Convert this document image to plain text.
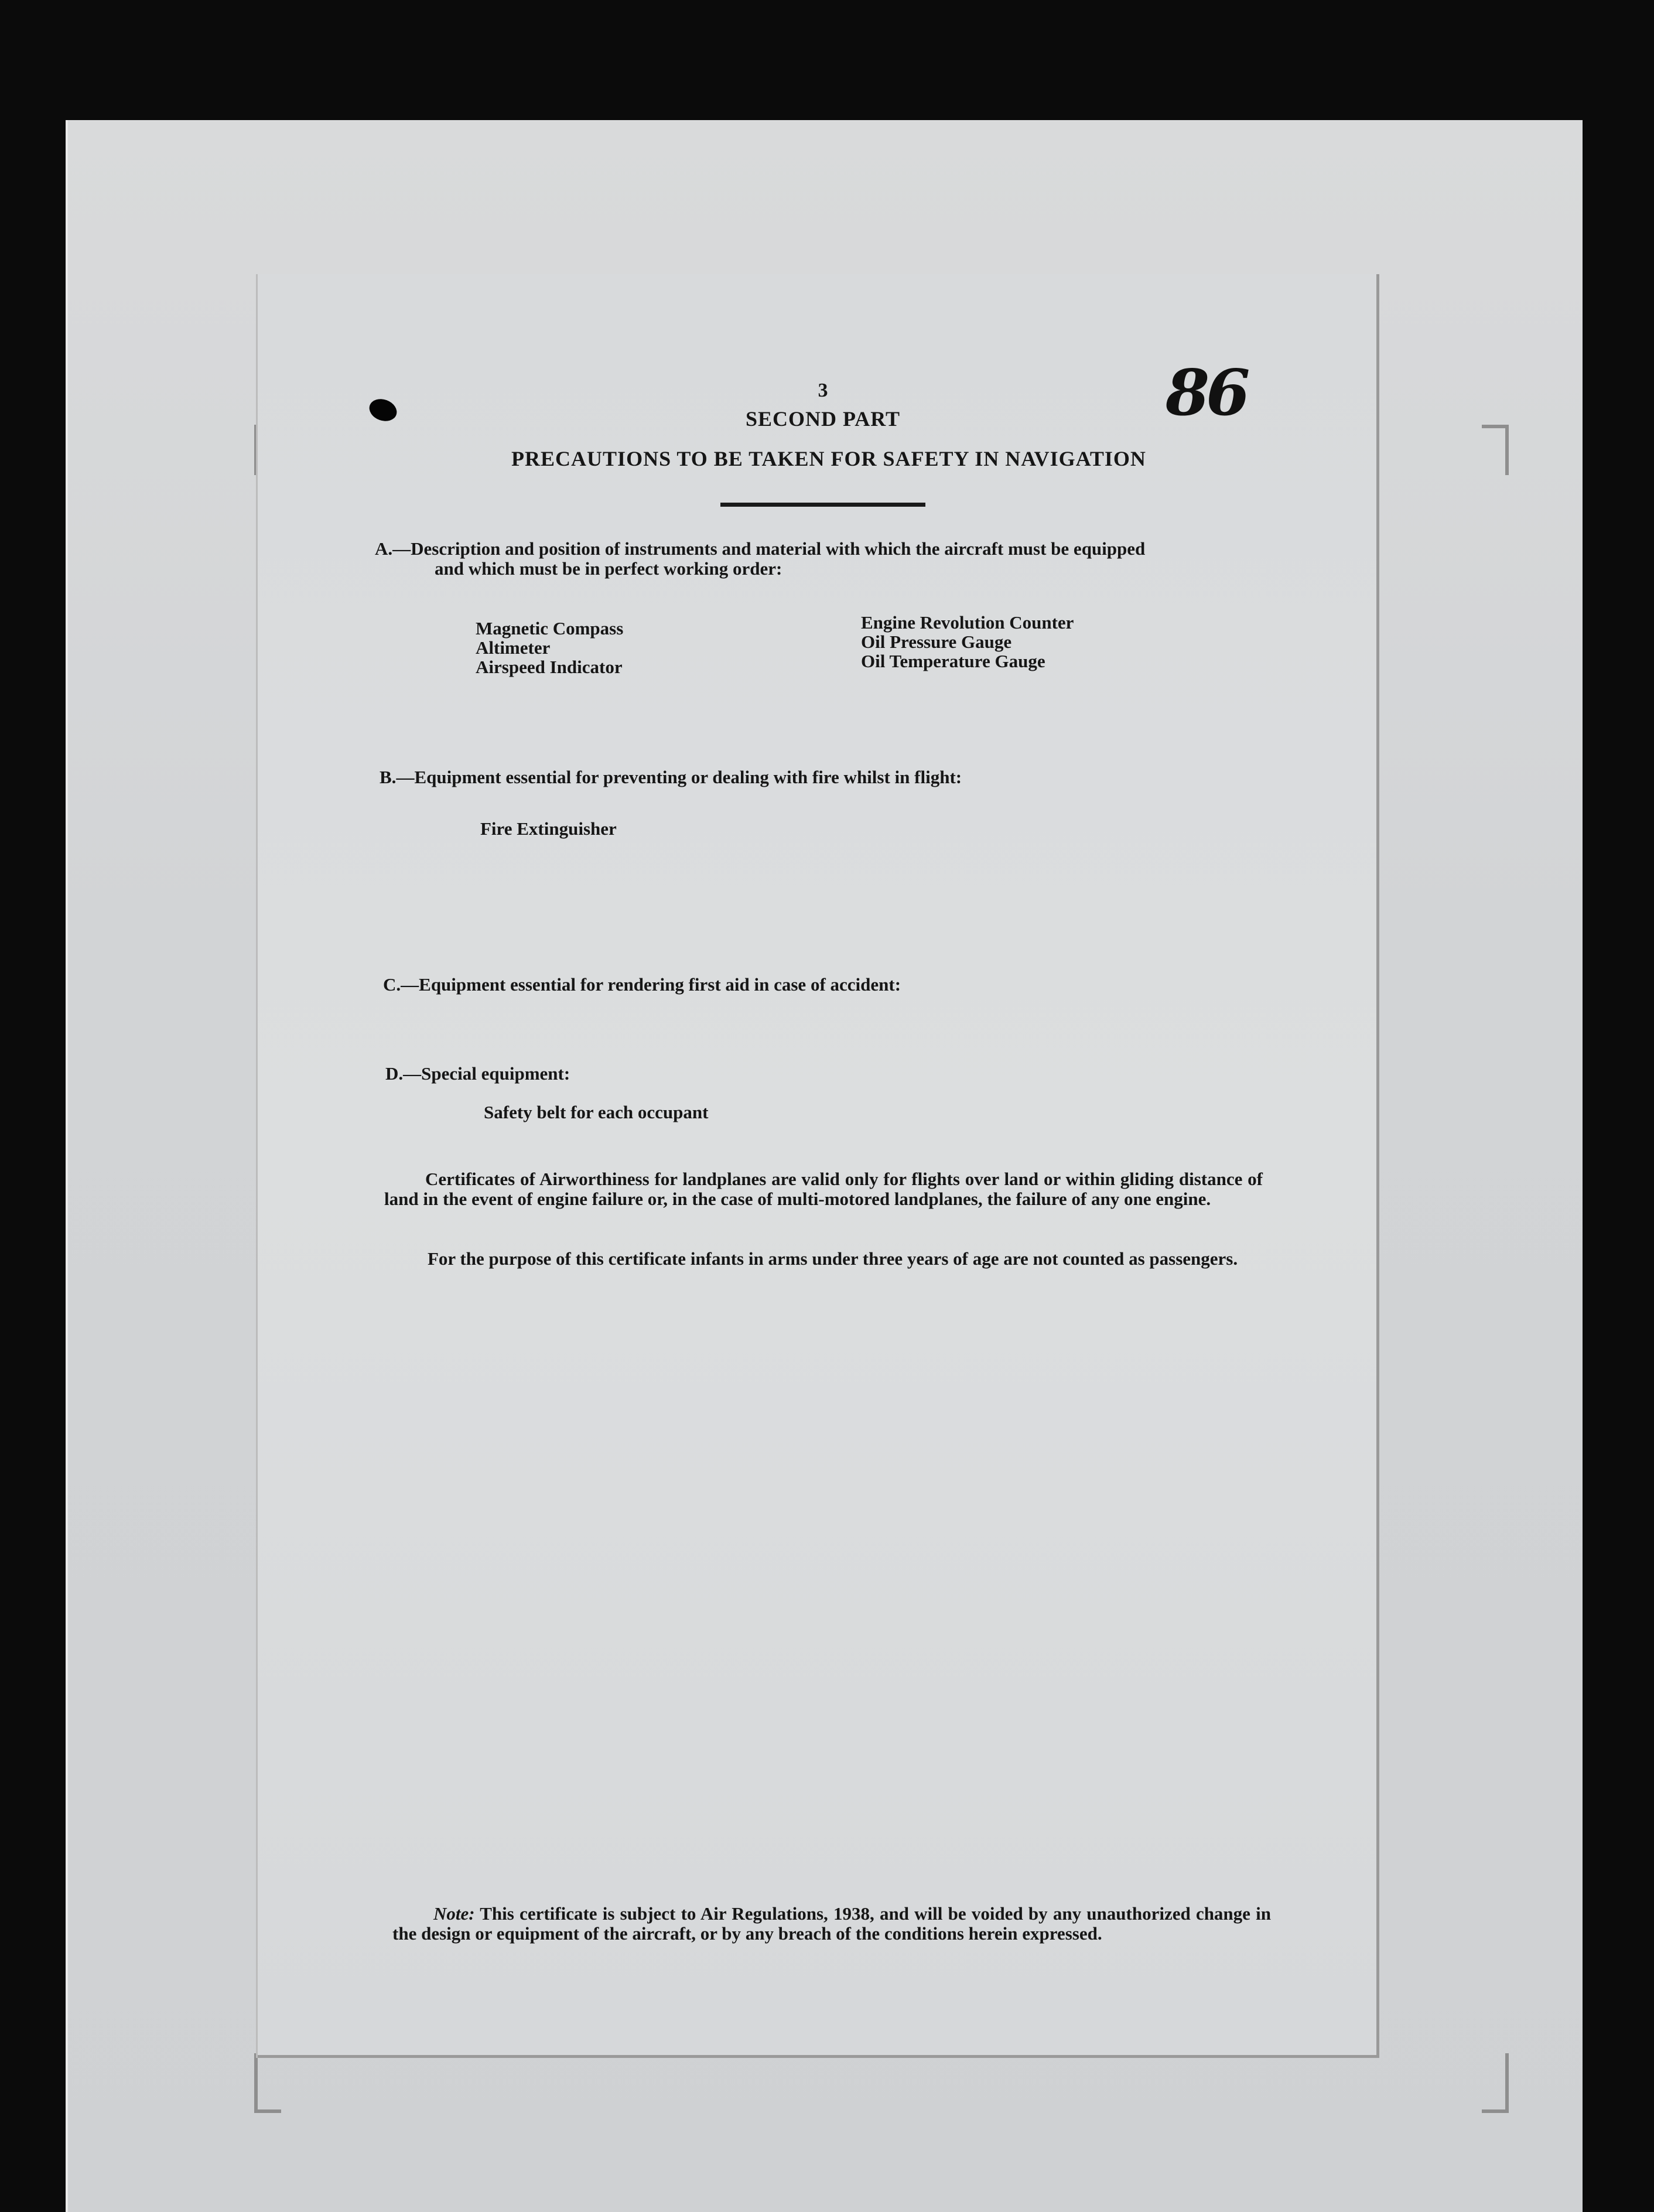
86
3
SECOND PART
PRECAUTIONS TO BE TAKEN FOR SAFETY IN NAVIGATION
A.—Description and position of instruments and material with which the aircraft must be equipped
and which must be in perfect working order:
Magnetic Compass
Altimeter
Airspeed Indicator
Engine Revolution Counter
Oil Pressure Gauge
Oil Temperature Gauge
B.—Equipment essential for preventing or dealing with fire whilst in flight:
Fire Extinguisher
C.—Equipment essential for rendering first aid in case of accident:
D.—Special equipment:
Safety belt for each occupant
Certificates of Airworthiness for landplanes are valid only for flights over land or within gliding distance of land in the event of engine failure or, in the case of multi-motored landplanes, the failure of any one engine.
For the purpose of this certificate infants in arms under three years of age are not counted as passengers.
Note: This certificate is subject to Air Regulations, 1938, and will be voided by any unauthorized change in the design or equipment of the aircraft, or by any breach of the conditions herein expressed.
